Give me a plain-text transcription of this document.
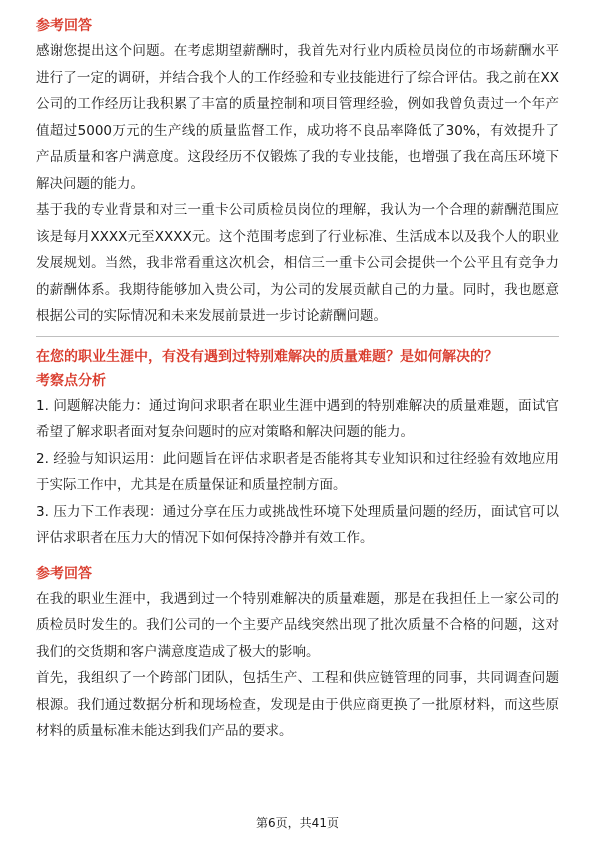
参考回答

感谢您提出这个问题。在考虑期望薪酬时，我首先对行业内质检员岗位的市场薪酬水平进行了一定的调研，并结合我个人的工作经验和专业技能进行了综合评估。我之前在XX公司的工作经历让我积累了丰富的质量控制和项目管理经验，例如我曾负责过一个年产值超过5000万元的生产线的质量监督工作，成功将不良品率降低了30%，有效提升了产品质量和客户满意度。这段经历不仅锻炼了我的专业技能，也增强了我在高压环境下解决问题的能力。

基于我的专业背景和对三一重卡公司质检员岗位的理解，我认为一个合理的薪酬范围应该是每月XXXX元至XXXX元。这个范围考虑到了行业标准、生活成本以及我个人的职业发展规划。当然，我非常看重这次机会，相信三一重卡公司会提供一个公平且有竞争力的薪酬体系。我期待能够加入贵公司，为公司的发展贡献自己的力量。同时，我也愿意根据公司的实际情况和未来发展前景进一步讨论薪酬问题。

在您的职业生涯中，有没有遇到过特别难解决的质量难题？是如何解决的？

考察点分析

1. 问题解决能力：通过询问求职者在职业生涯中遇到的特别难解决的质量难题，面试官希望了解求职者面对复杂问题时的应对策略和解决问题的能力。

2. 经验与知识运用：此问题旨在评估求职者是否能将其专业知识和过往经验有效地应用于实际工作中，尤其是在质量保证和质量控制方面。

3. 压力下工作表现：通过分享在压力或挑战性环境下处理质量问题的经历，面试官可以评估求职者在压力大的情况下如何保持冷静并有效工作。

参考回答

在我的职业生涯中，我遇到过一个特别难解决的质量难题，那是在我担任上一家公司的质检员时发生的。我们公司的一个主要产品线突然出现了批次质量不合格的问题，这对我们的交货期和客户满意度造成了极大的影响。

首先，我组织了一个跨部门团队，包括生产、工程和供应链管理的同事，共同调查问题根源。我们通过数据分析和现场检查，发现是由于供应商更换了一批原材料，而这些原材料的质量标准未能达到我们产品的要求。

第6页，共41页
